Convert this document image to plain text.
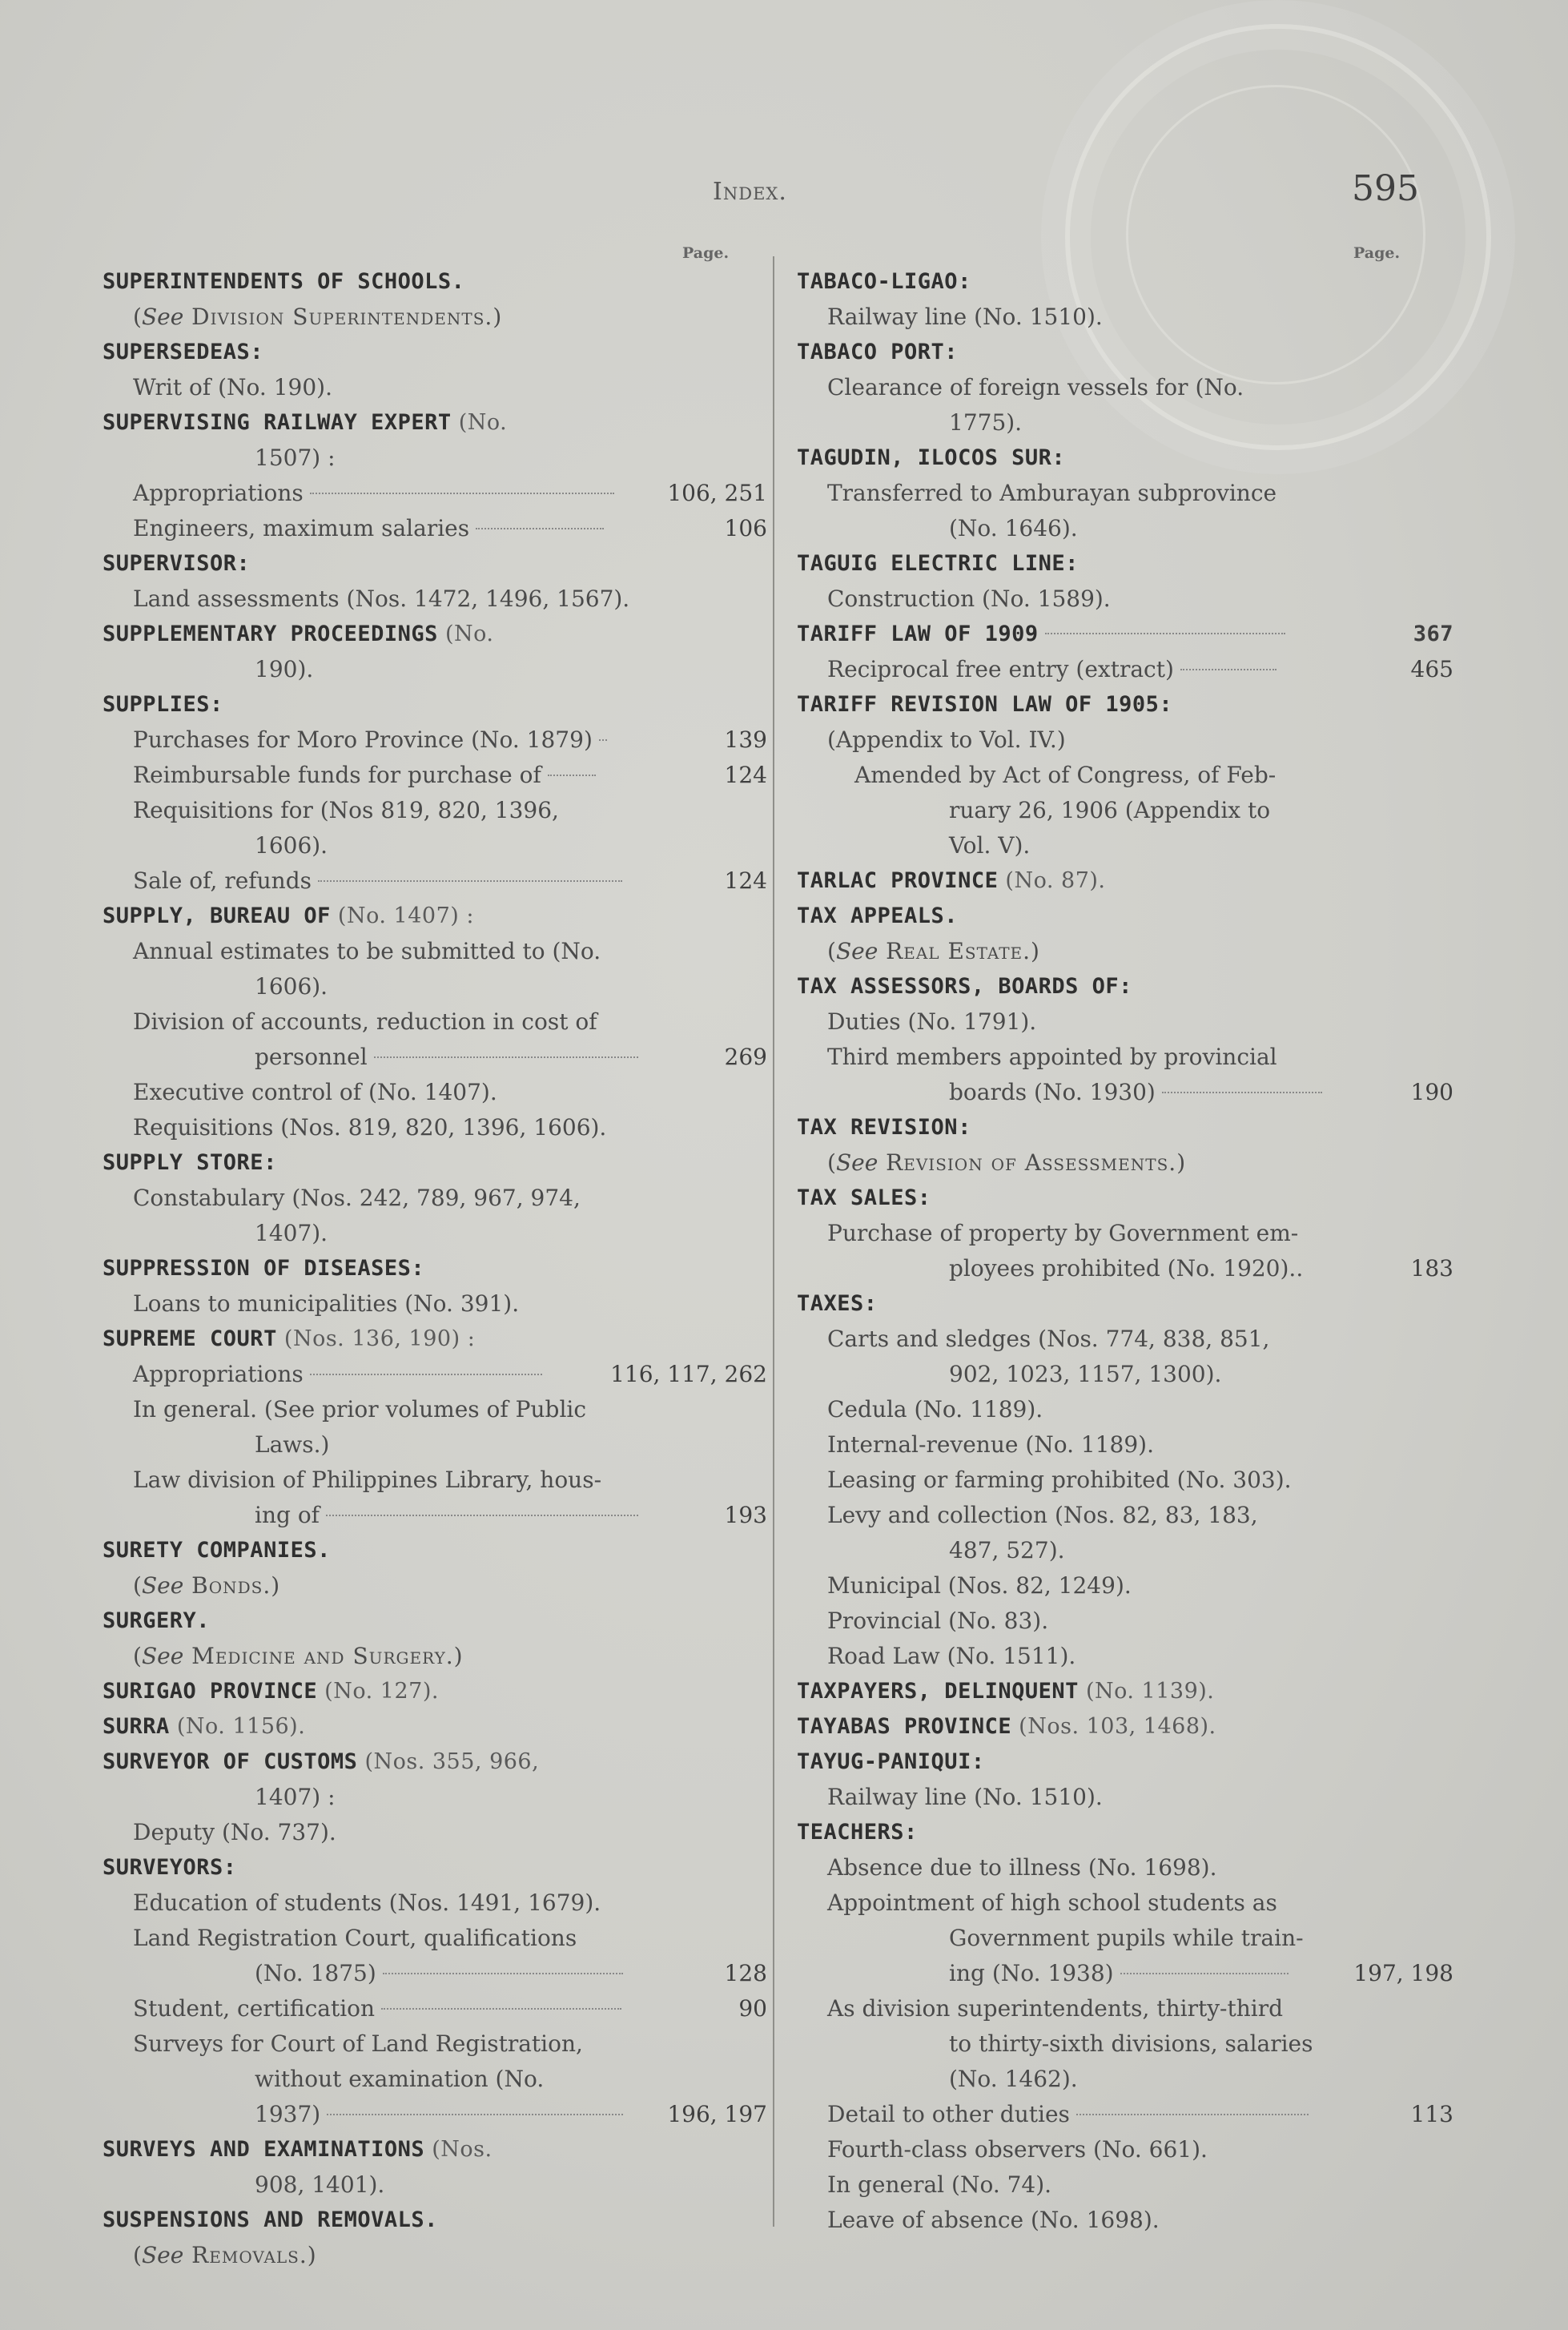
Index.	595
Page.	Page.
SUPERINTENDENTS OF SCHOOLS.
(See Division Superintendents.)
SUPERSEDEAS:
Writ of (No. 190).
SUPERVISING RAILWAY EXPERT (No.
1507) :
Appropriations	106, 251
Engineers, maximum salaries	106
SUPERVISOR:
Land assessments (Nos. 1472, 1496, 1567).
SUPPLEMENTARY PROCEEDINGS (No.
190).
SUPPLIES:
Purchases for Moro Province (No. 1879)	139
Reimbursable funds for purchase of	124
Requisitions for (Nos 819, 820, 1396,
1606).
Sale of, refunds	124
SUPPLY, BUREAU OF (No. 1407) :
Annual estimates to be submitted to (No.
1606).
Division of accounts, reduction in cost of
personnel	269
Executive control of (No. 1407).
Requisitions (Nos. 819, 820, 1396, 1606).
SUPPLY STORE:
Constabulary (Nos. 242, 789, 967, 974,
1407).
SUPPRESSION OF DISEASES:
Loans to municipalities (No. 391).
SUPREME COURT (Nos. 136, 190) :
Appropriations	116, 117, 262
In general. (See prior volumes of Public
Laws.)
Law division of Philippines Library, hous-
ing of	193
SURETY COMPANIES.
(See Bonds.)
SURGERY.
(See Medicine and Surgery.)
SURIGAO PROVINCE (No. 127).
SURRA (No. 1156).
SURVEYOR OF CUSTOMS (Nos. 355, 966,
1407) :
Deputy (No. 737).
SURVEYORS:
Education of students (Nos. 1491, 1679).
Land Registration Court, qualifications
(No. 1875)	128
Student, certification	90
Surveys for Court of Land Registration,
without examination (No.
1937)	196, 197
SURVEYS AND EXAMINATIONS (Nos.
908, 1401).
SUSPENSIONS AND REMOVALS.
(See Removals.)
TABACO-LIGAO:
Railway line (No. 1510).
TABACO PORT:
Clearance of foreign vessels for (No.
1775).
TAGUDIN, ILOCOS SUR:
Transferred to Amburayan subprovince
(No. 1646).
TAGUIG ELECTRIC LINE:
Construction (No. 1589).
TARIFF LAW OF 1909	367
Reciprocal free entry (extract)	465
TARIFF REVISION LAW OF 1905:
(Appendix to Vol. IV.)
Amended by Act of Congress, of Feb-
ruary 26, 1906 (Appendix to
Vol. V).
TARLAC PROVINCE (No. 87).
TAX APPEALS.
(See Real Estate.)
TAX ASSESSORS, BOARDS OF:
Duties (No. 1791).
Third members appointed by provincial
boards (No. 1930)	190
TAX REVISION:
(See Revision of Assessments.)
TAX SALES:
Purchase of property by Government em-
ployees prohibited (No. 1920)..	183
TAXES:
Carts and sledges (Nos. 774, 838, 851,
902, 1023, 1157, 1300).
Cedula (No. 1189).
Internal-revenue (No. 1189).
Leasing or farming prohibited (No. 303).
Levy and collection (Nos. 82, 83, 183,
487, 527).
Municipal (Nos. 82, 1249).
Provincial (No. 83).
Road Law (No. 1511).
TAXPAYERS, DELINQUENT (No. 1139).
TAYABAS PROVINCE (Nos. 103, 1468).
TAYUG-PANIQUI:
Railway line (No. 1510).
TEACHERS:
Absence due to illness (No. 1698).
Appointment of high school students as
Government pupils while train-
ing (No. 1938)	197, 198
As division superintendents, thirty-third
to thirty-sixth divisions, salaries
(No. 1462).
Detail to other duties	113
Fourth-class observers (No. 661).
In general (No. 74).
Leave of absence (No. 1698).
